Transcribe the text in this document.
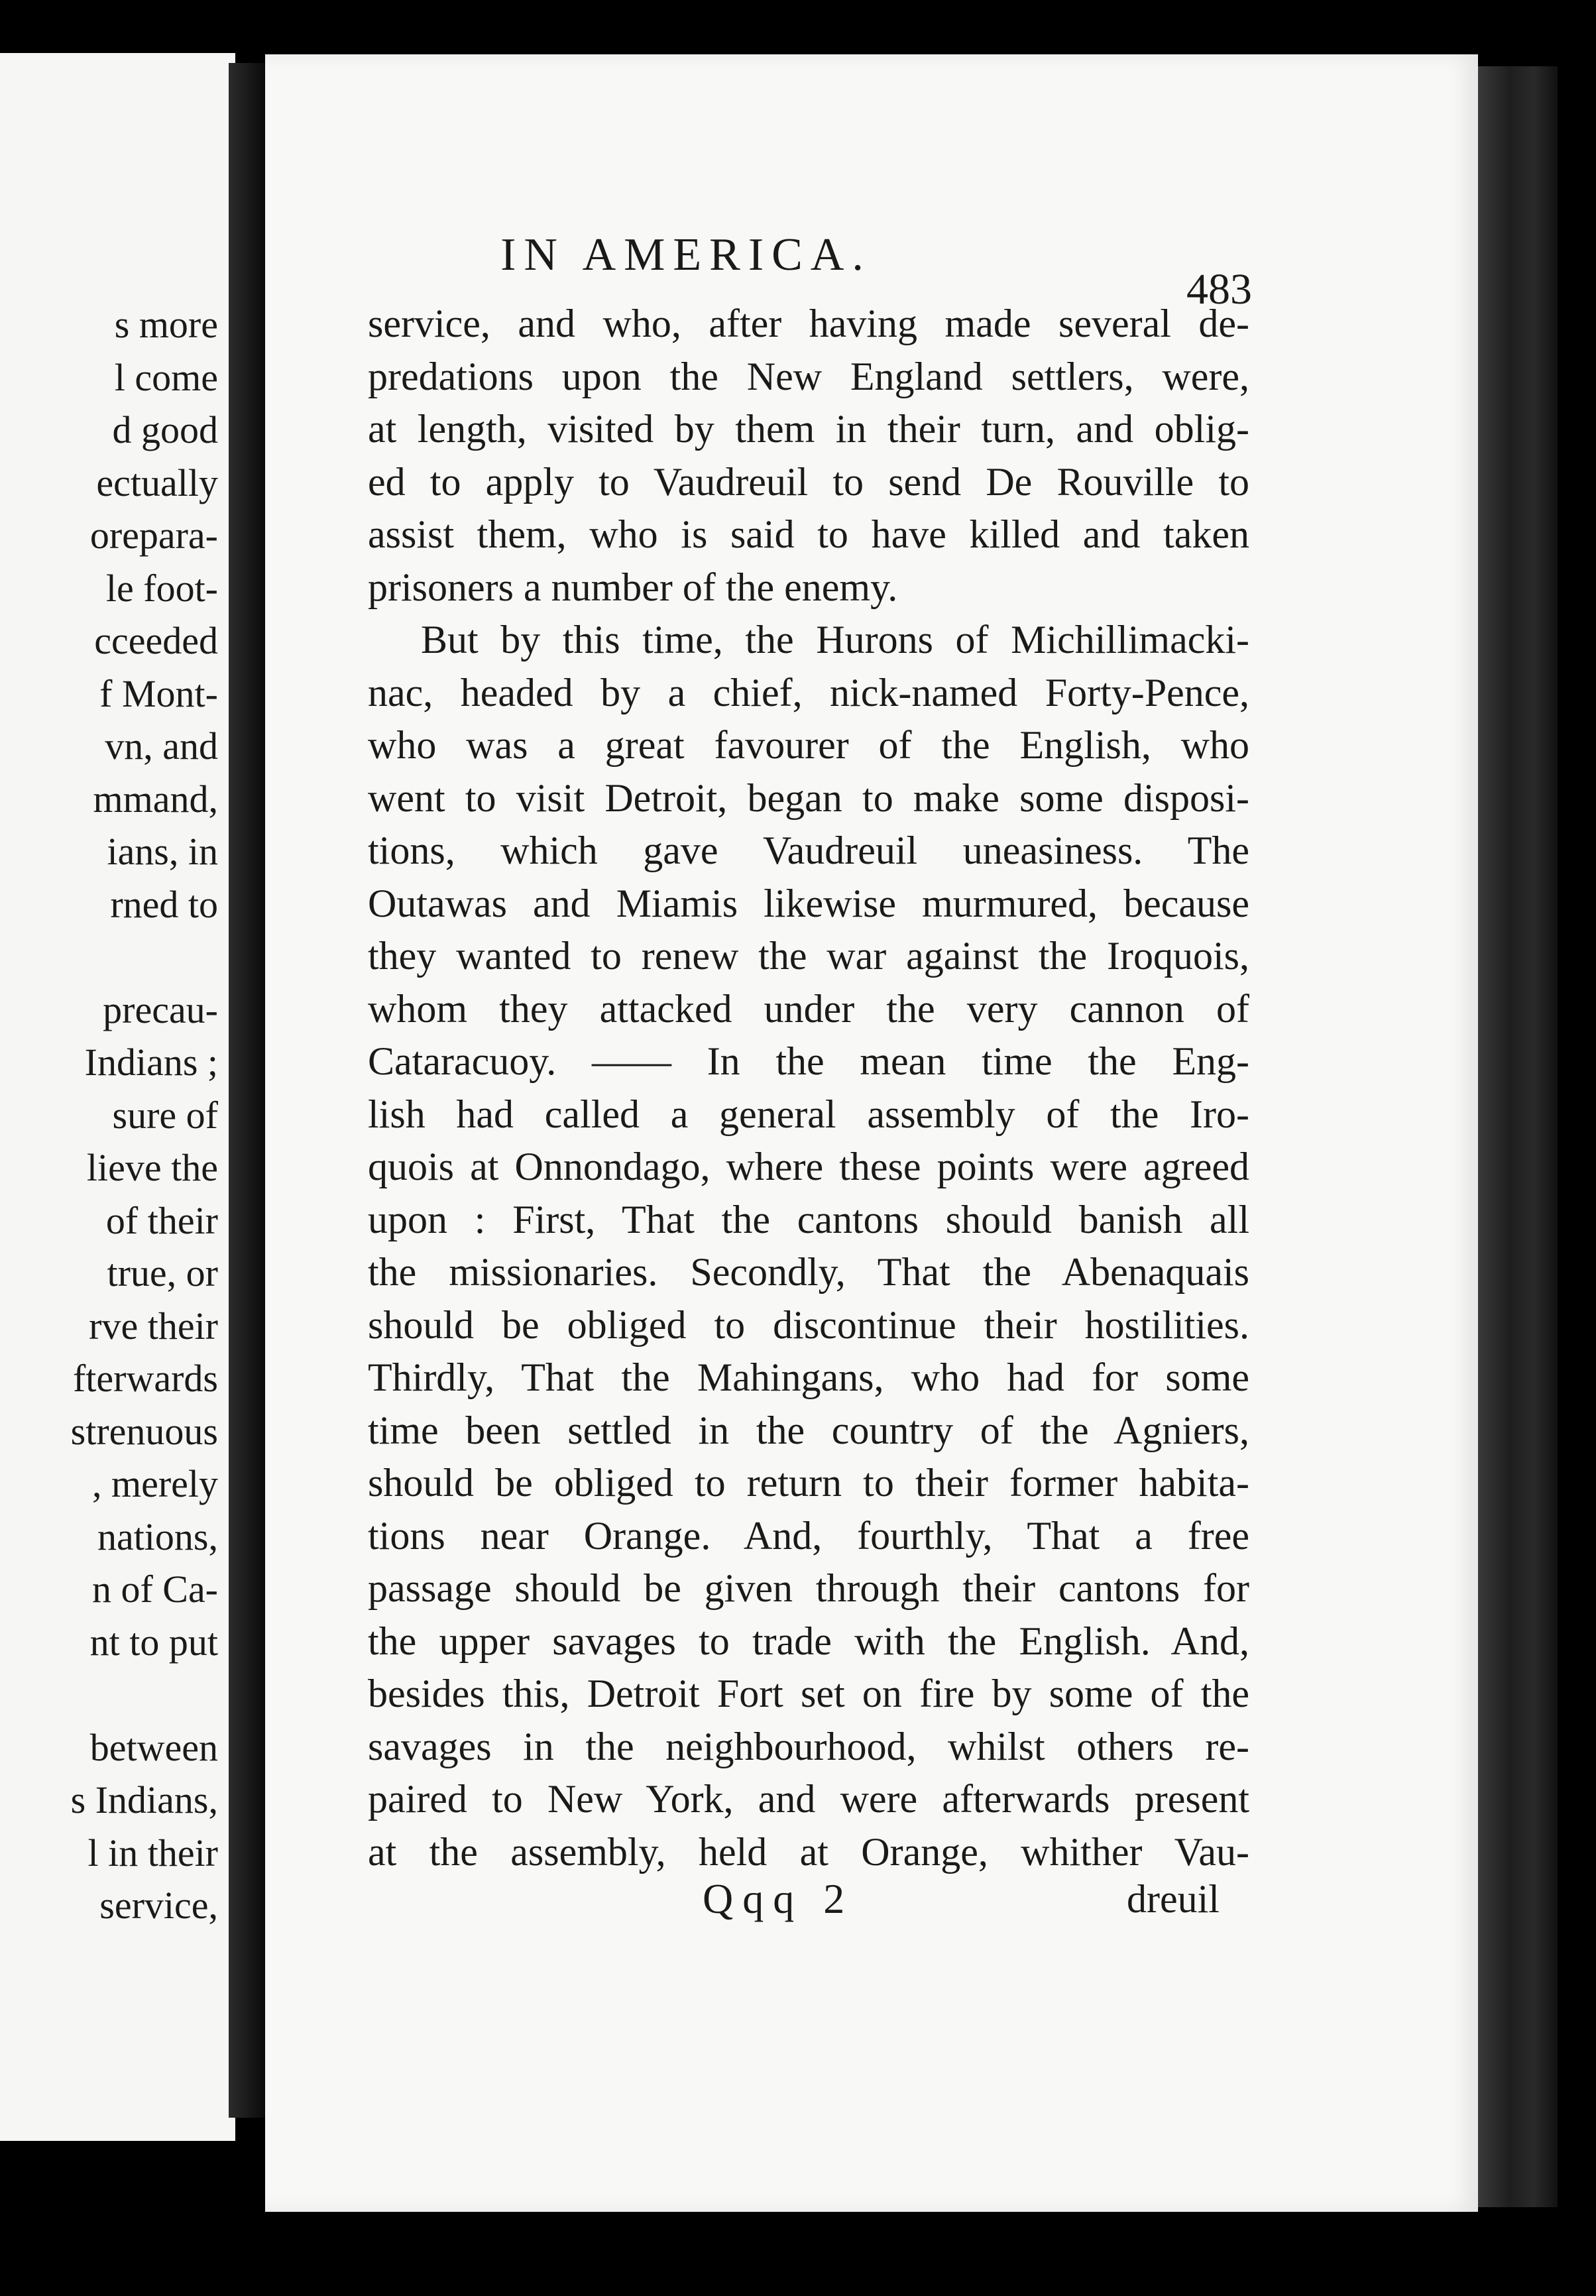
s more
l come
d good
ectually
orepara-
le foot-
cceeded
f Mont-
vn, and
mmand,
ians, in
rned to
precau-
Indians ;
sure of
lieve the
of their
true, or
rve their
fterwards
strenuous
, merely
nations,
n of Ca-
nt to put
between
s Indians,
l in their
service,
IN AMERICA.
483
service, and who, after having made several de-
predations upon the New England settlers, were,
at length, visited by them in their turn, and oblig-
ed to apply to Vaudreuil to send De Rouville to
assist them, who is said to have killed and taken
prisoners a number of the enemy.
But by this time, the Hurons of Michillimacki-
nac, headed by a chief, nick-named Forty-Pence,
who was a great favourer of the English, who
went to visit Detroit, began to make some disposi-
tions, which gave Vaudreuil uneasiness. The
Outawas and Miamis likewise murmured, because
they wanted to renew the war against the Iroquois,
whom they attacked under the very cannon of
Cataracuoy. —— In the mean time the Eng-
lish had called a general assembly of the Iro-
quois at Onnondago, where these points were agreed
upon : First, That the cantons should banish all
the missionaries. Secondly, That the Abenaquais
should be obliged to discontinue their hostilities.
Thirdly, That the Mahingans, who had for some
time been settled in the country of the Agniers,
should be obliged to return to their former habita-
tions near Orange. And, fourthly, That a free
passage should be given through their cantons for
the upper savages to trade with the English. And,
besides this, Detroit Fort set on fire by some of the
savages in the neighbourhood, whilst others re-
paired to New York, and were afterwards present
at the assembly, held at Orange, whither Vau-
Qqq 2	dreuil
